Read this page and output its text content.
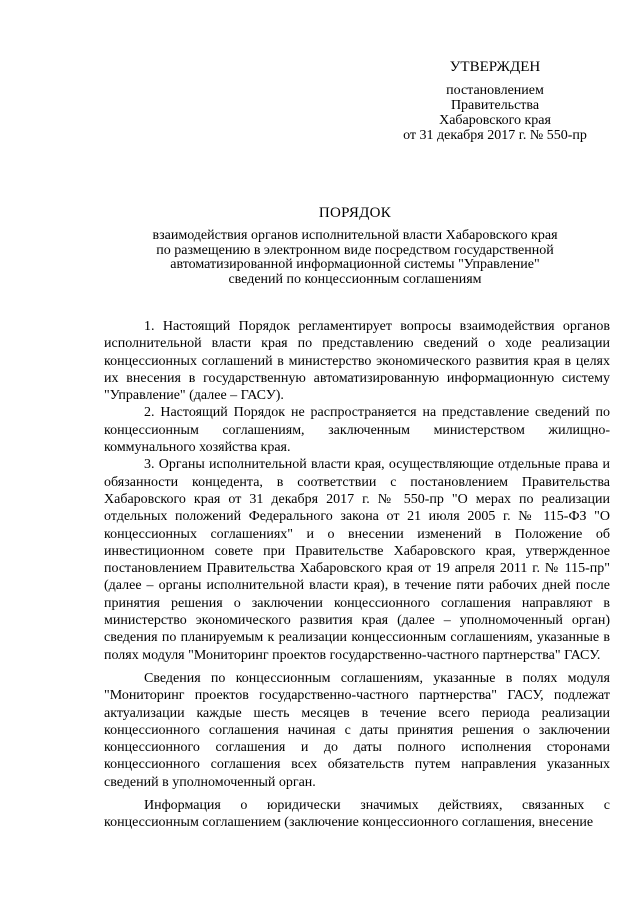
УТВЕРЖДЕН
постановлением
Правительства
Хабаровского края
от 31 декабря 2017 г. № 550-пр
ПОРЯДОК
взаимодействия органов исполнительной власти Хабаровского края
по размещению в электронном виде посредством государственной
автоматизированной информационной системы "Управление"
сведений по концессионным соглашениям

1. Настоящий Порядок регламентирует вопросы взаимодействия органов исполнительной власти края по представлению сведений о ходе реализации концессионных соглашений в министерство экономического развития края в целях их внесения в государственную автоматизированную информационную систему "Управление" (далее – ГАСУ).

2. Настоящий Порядок не распространяется на представление сведений по концессионным соглашениям, заключенным министерством жилищно-коммунального хозяйства края.

3. Органы исполнительной власти края, осуществляющие отдельные права и обязанности концедента, в соответствии с постановлением Правительства Хабаровского края от 31 декабря 2017 г. № 550-пр "О мерах по реализации отдельных положений Федерального закона от 21 июля 2005 г. № 115-ФЗ "О концессионных соглашениях" и о внесении изменений в Положение об инвестиционном совете при Правительстве Хабаровского края, утвержденное постановлением Правительства Хабаровского края от 19 апреля 2011 г. № 115-пр" (далее – органы исполнительной власти края), в течение пяти рабочих дней после принятия решения о заключении концессионного соглашения направляют в министерство экономического развития края (далее – уполномоченный орган) сведения по планируемым к реализации концессионным соглашениям, указанные в полях модуля "Мониторинг проектов государственно-частного партнерства" ГАСУ.

Сведения по концессионным соглашениям, указанные в полях модуля "Мониторинг проектов государственно-частного партнерства" ГАСУ, подлежат актуализации каждые шесть месяцев в течение всего периода реализации концессионного соглашения начиная с даты принятия решения о заключении концессионного соглашения и до даты полного исполнения сторонами концессионного соглашения всех обязательств путем направления указанных сведений в уполномоченный орган.

Информация о юридически значимых действиях, связанных с концессионным соглашением (заключение концессионного соглашения, внесение
